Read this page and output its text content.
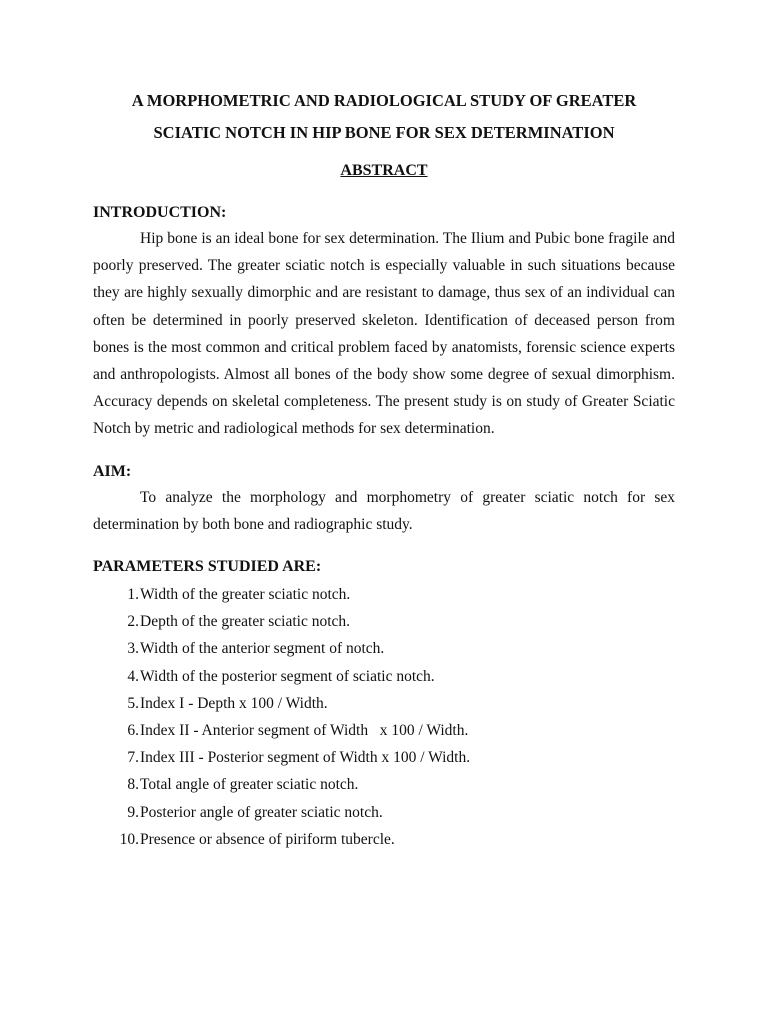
A MORPHOMETRIC AND RADIOLOGICAL STUDY OF GREATER
SCIATIC NOTCH IN HIP BONE FOR SEX DETERMINATION
ABSTRACT
INTRODUCTION:

Hip bone is an ideal bone for sex determination. The Ilium and Pubic bone fragile and poorly preserved. The greater sciatic notch is especially valuable in such situations because they are highly sexually dimorphic and are resistant to damage, thus sex of an individual can often be determined in poorly preserved skeleton. Identification of deceased person from bones is the most common and critical problem faced by anatomists, forensic science experts and anthropologists. Almost all bones of the body show some degree of sexual dimorphism. Accuracy depends on skeletal completeness. The present study is on study of Greater Sciatic Notch by metric and radiological methods for sex determination.

AIM:

To analyze the morphology and morphometry of greater sciatic notch for sex determination by both bone and radiographic study.

PARAMETERS STUDIED ARE:
1. Width of the greater sciatic notch.
2. Depth of the greater sciatic notch.
3. Width of the anterior segment of notch.
4. Width of the posterior segment of sciatic notch.
5. Index I - Depth x 100 / Width.
6. Index II - Anterior segment of Width   x 100 / Width.
7. Index III - Posterior segment of Width x 100 / Width.
8. Total angle of greater sciatic notch.
9. Posterior angle of greater sciatic notch.
10. Presence or absence of piriform tubercle.
